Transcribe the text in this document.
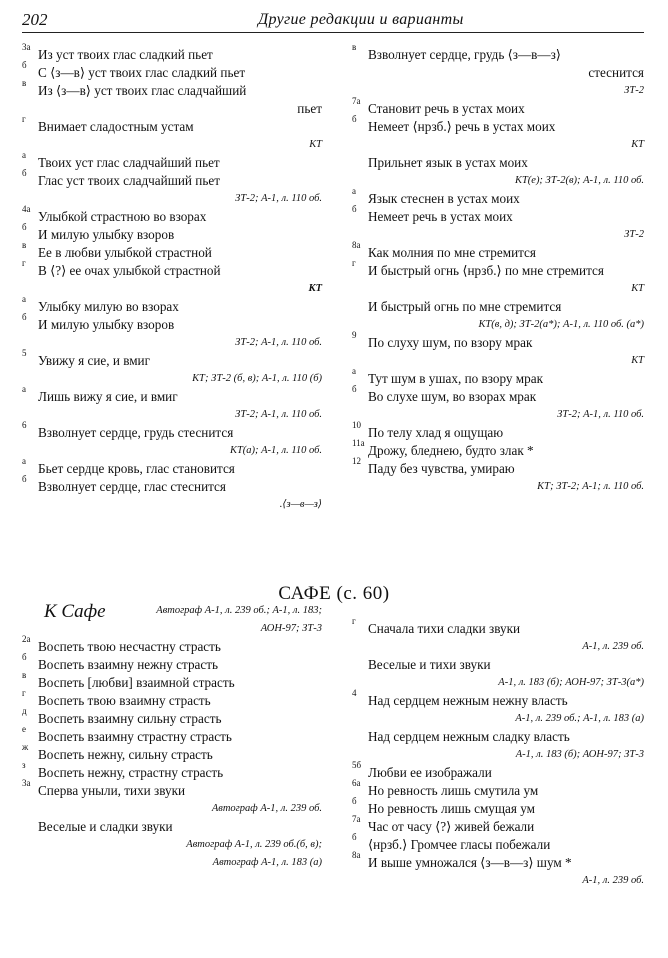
202	Другие редакции и варианты
3а Из уст твоих глас сладкий пьет
б С ⟨з—в⟩ уст твоих глас сладкий пьет
в Из ⟨з—в⟩ уст твоих глас сладчайший
пьет
г Внимает сладостным устам
КТ
а Твоих уст глас сладчайший пьет
б Глас уст твоих сладчайший пьет
ЗТ-2; А-1, л. 110 об.
4а Улыбкой страстною во взорах
б И милую улыбку взоров
в Ее в любви улыбкой страстной
г В ⟨?⟩ ее очах улыбкой страстной
КТ
а Улыбку милую во взорах
б И милую улыбку взоров
ЗТ-2; А-1, л. 110 об.
5 Увижу я сие, и вмиг
КТ; ЗТ-2 (б, в); А-1, л. 110 (б)
а Лишь вижу я сие, и вмиг
ЗТ-2; А-1, л. 110 об.
6 Взволнует сердце, грудь стеснится
КТ(а); А-1, л. 110 об.
а Бьет сердце кровь, глас становится
б Взволнует сердце, глас стеснится
.⟨з—в—з⟩
в Взволнует сердце, грудь ⟨з—в—з⟩
стеснится
ЗТ-2
7а Становит речь в устах моих
б Немеет ⟨нрзб.⟩ речь в устах моих
КТ
Прильнет язык в устах моих
КТ(е); ЗТ-2(в); А-1, л. 110 об.
а Язык стеснен в устах моих
б Немеет речь в устах моих
ЗТ-2
8а Как молния по мне стремится
г И быстрый огнь ⟨нрзб.⟩ по мне стремится
КТ
И быстрый огнь по мне стремится
КТ(в, д); ЗТ-2(а*); А-1, л. 110 об. (а*)
9 По слуху шум, по взору мрак
КТ
а Тут шум в ушах, по взору мрак
б Во слухе шум, во взорах мрак
ЗТ-2; А-1, л. 110 об.
10 По телу хлад я ощущаю
11а Дрожу, бледнею, будто злак *
12 Паду без чувства, умираю
КТ; ЗТ-2; А-1; л. 110 об.
САФЕ (с. 60)
К Сафе	Автограф А-1, л. 239 об.; А-1, л. 183;
АОН-97; ЗТ-3
2а Воспеть твою несчастну страсть
б Воспеть взаимну нежну страсть
в Воспеть [любви] взаимной страсть
г Воспеть твою взаимну страсть
д Воспеть взаимну сильну страсть
е Воспеть взаимну страстну страсть
ж Воспеть нежну, сильну страсть
з Воспеть нежну, страстну страсть
3а Сперва уныли, тихи звуки
Автограф А-1, л. 239 об.
Веселые и сладки звуки
Автограф А-1, л. 239 об.(б, в);
Автограф А-1, л. 183 (а)
г Сначала тихи сладки звуки
А-1, л. 239 об.
Веселые и тихи звуки
А-1, л. 183 (б); АОН-97; ЗТ-3(а*)
4 Над сердцем нежным нежну власть
А-1, л. 239 об.; А-1, л. 183 (а)
Над сердцем нежным сладку власть
А-1, л. 183 (б); АОН-97; ЗТ-3
5б Любви ее изображали
6а Но ревность лишь смутила ум
б Но ревность лишь смущая ум
7а Час от часу ⟨?⟩ живей бежали
б ⟨нрзб.⟩ Громчее гласы побежали
8а И выше умножался ⟨з—в—з⟩ шум *
А-1, л. 239 об.
